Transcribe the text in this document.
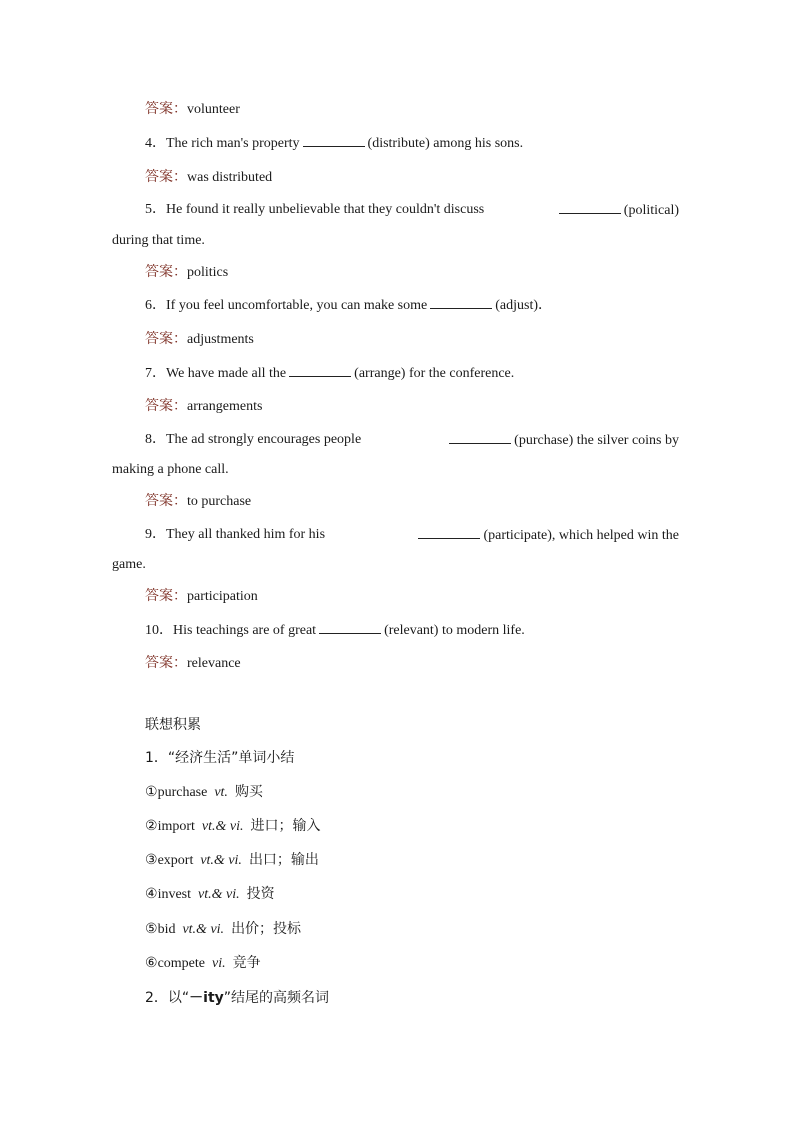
答案：volunteer
4．The rich man's property	(distribute) among his sons.
答案：was distributed
5．He found it really unbelievable that they couldn't discuss	(political)
during that time.
答案：politics
6．If you feel uncomfortable, you can make some	(adjust)．
答案：adjustments
7．We have made all the	(arrange) for the conference.
答案：arrangements
8．The ad strongly encourages people	(purchase) the silver coins by
making a phone call.
答案：to purchase
9．They all thanked him for his	(participate), which helped win the
game.
答案：participation
10．His teachings are of great	(relevant) to modern life.
答案：relevance
联想积累
1．“经济生活”单词小结
①purchase vt. 购买
②import vt.& vi. 进口；输入
③export vt.& vi. 出口；输出
④invest vt.& vi. 投资
⑤bid vt.& vi. 出价；投标
⑥compete vi. 竞争
2．以“－ity”结尾的高频名词
